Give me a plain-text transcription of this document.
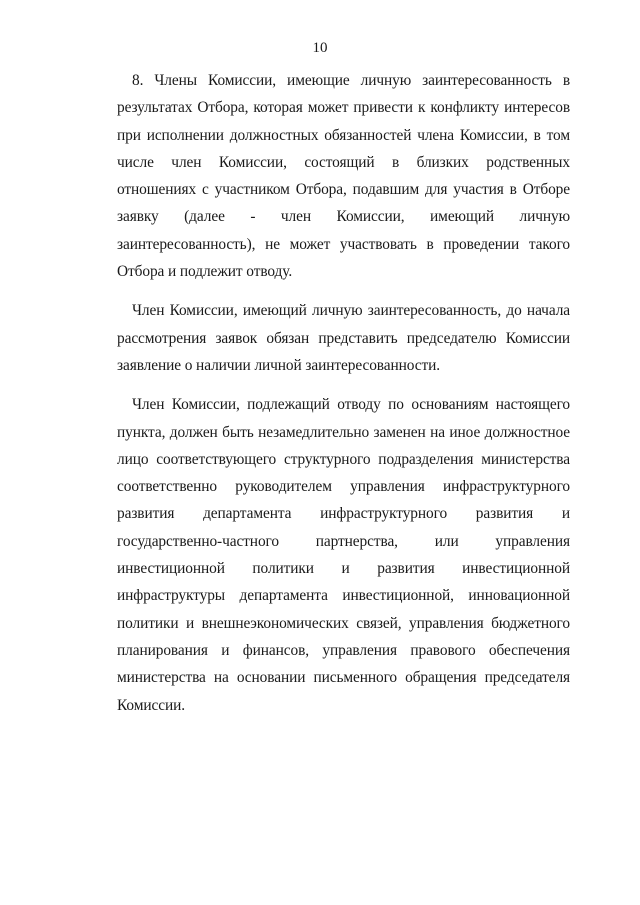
10

8. Члены Комиссии, имеющие личную заинтересованность в результатах Отбора, которая может привести к конфликту интересов при исполнении должностных обязанностей члена Комиссии, в том числе член Комиссии, состоящий в близких родственных отношениях с участником Отбора, подавшим для участия в Отборе заявку (далее - член Комиссии, имеющий личную заинтересованность), не может участвовать в проведении такого Отбора и подлежит отводу.

Член Комиссии, имеющий личную заинтересованность, до начала рассмотрения заявок обязан представить председателю Комиссии заявление о наличии личной заинтересованности.

Член Комиссии, подлежащий отводу по основаниям настоящего пункта, должен быть незамедлительно заменен на иное должностное лицо соответствующего структурного подразделения министерства соответственно руководителем управления инфраструктурного развития департамента инфраструктурного развития и государственно-частного партнерства, или управления инвестиционной политики и развития инвестиционной инфраструктуры департамента инвестиционной, инновационной политики и внешнеэкономических связей, управления бюджетного планирования и финансов, управления правового обеспечения министерства на основании письменного обращения председателя Комиссии.
